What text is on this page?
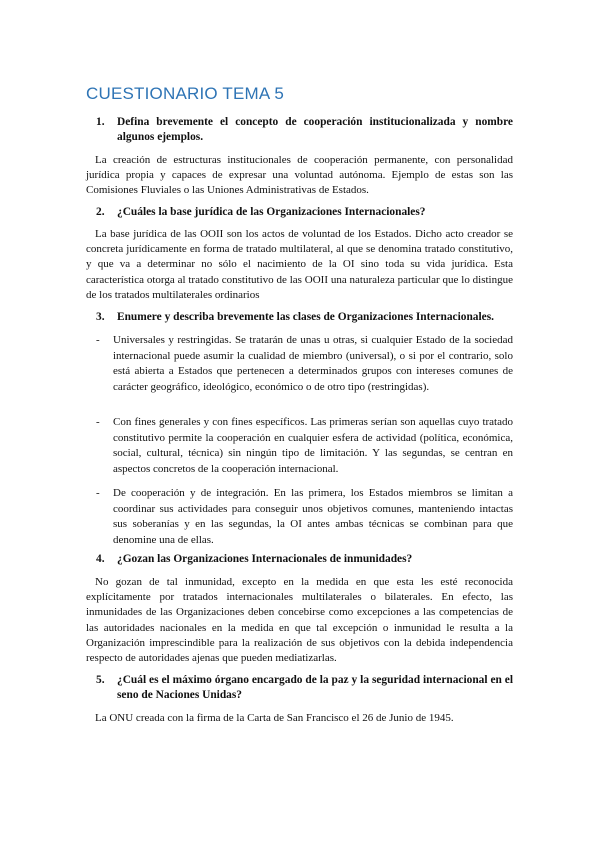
CUESTIONARIO TEMA 5
1. Defina brevemente el concepto de cooperación institucionalizada y nombre algunos ejemplos.
La creación de estructuras institucionales de cooperación permanente, con personalidad jurídica propia y capaces de expresar una voluntad autónoma. Ejemplo de estas son las Comisiones Fluviales o las Uniones Administrativas de Estados.
2. ¿Cuáles la base jurídica de las Organizaciones Internacionales?
La base jurídica de las OOII son los actos de voluntad de los Estados. Dicho acto creador se concreta jurídicamente en forma de tratado multilateral, al que se denomina tratado constitutivo, y que va a determinar no sólo el nacimiento de la OI sino toda su vida jurídica. Esta característica otorga al tratado constitutivo de las OOII una naturaleza particular que lo distingue de los tratados multilaterales ordinarios
3. Enumere y describa brevemente las clases de Organizaciones Internacionales.
- Universales y restringidas. Se tratarán de unas u otras, si cualquier Estado de la sociedad internacional puede asumir la cualidad de miembro (universal), o si por el contrario, solo está abierta a Estados que pertenecen a determinados grupos con intereses comunes de carácter geográfico, ideológico, económico o de otro tipo (restringidas).
- Con fines generales y con fines específicos. Las primeras serían son aquellas cuyo tratado constitutivo permite la cooperación en cualquier esfera de actividad (política, económica, social, cultural, técnica) sin ningún tipo de limitación. Y las segundas, se centran en aspectos concretos de la cooperación internacional.
- De cooperación y de integración. En las primera, los Estados miembros se limitan a coordinar sus actividades para conseguir unos objetivos comunes, manteniendo intactas sus soberanías y en las segundas, la OI antes ambas técnicas se combinan para que denomine una de ellas.
4. ¿Gozan las Organizaciones Internacionales de inmunidades?
No gozan de tal inmunidad, excepto en la medida en que esta les esté reconocida explícitamente por tratados internacionales multilaterales o bilaterales. En efecto, las inmunidades de las Organizaciones deben concebirse como excepciones a las competencias de las autoridades nacionales en la medida en que tal excepción o inmunidad le resulta a la Organización imprescindible para la realización de sus objetivos con la debida independencia respecto de autoridades ajenas que pueden mediatizarlas.
5. ¿Cuál es el máximo órgano encargado de la paz y la seguridad internacional en el seno de Naciones Unidas?
La ONU creada con la firma de la Carta de San Francisco el 26 de Junio de 1945.
